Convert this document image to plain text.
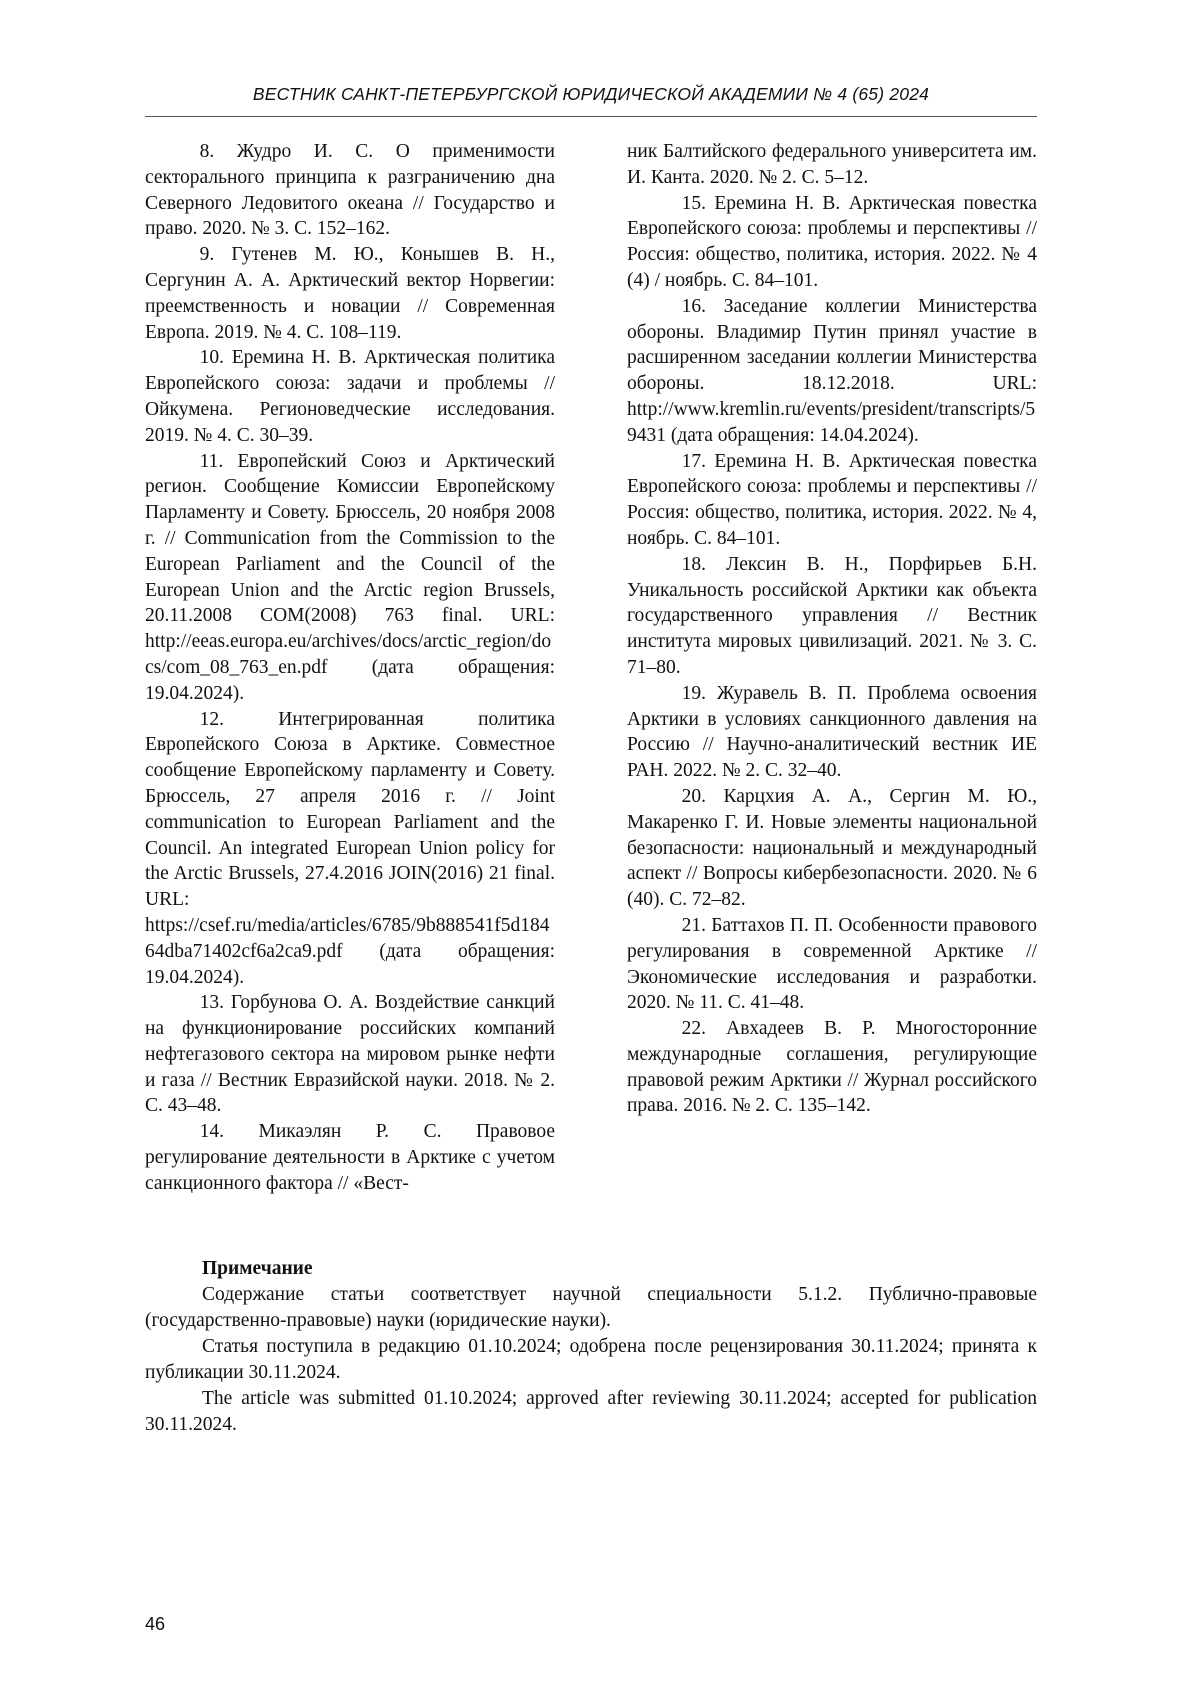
ВЕСТНИК САНКТ-ПЕТЕРБУРГСКОЙ ЮРИДИЧЕСКОЙ АКАДЕМИИ № 4 (65) 2024

8. Жудро И. С. О применимости секторального принципа к разграничению дна Северного Ледовитого океана // Государство и право. 2020. № 3. С. 152–162.

9. Гутенев М. Ю., Конышев В. Н., Сергунин А. А. Арктический вектор Норвегии: преемственность и новации // Современная Европа. 2019. № 4. С. 108–119.

10. Еремина Н. В. Арктическая политика Европейского союза: задачи и проблемы // Ойкумена. Регионоведческие исследования. 2019. № 4. С. 30–39.

11. Европейский Союз и Арктический регион. Сообщение Комиссии Европейскому Парламенту и Совету. Брюссель, 20 ноября 2008 г. // Communication from the Commission to the European Parliament and the Council of the European Union and the Arctic region Brussels, 20.11.2008 COM(2008) 763 final. URL: http://eeas.europa.eu/archives/docs/arctic_region/docs/com_08_763_en.pdf (дата обращения: 19.04.2024).

12. Интегрированная политика Европейского Союза в Арктике. Совместное сообщение Европейскому парламенту и Совету. Брюссель, 27 апреля 2016 г. // Joint communication to European Parliament and the Council. An integrated European Union policy for the Arctic Brussels, 27.4.2016 JOIN(2016) 21 final. URL: https://csef.ru/media/articles/6785/9b888541f5d18464dba71402cf6a2ca9.pdf (дата обращения: 19.04.2024).

13. Горбунова О. А. Воздействие санкций на функционирование российских компаний нефтегазового сектора на мировом рынке нефти и газа // Вестник Евразийской науки. 2018. № 2. С. 43–48.

14. Микаэлян Р. С. Правовое регулирование деятельности в Арктике с учетом санкционного фактора // «Вест-

ник Балтийского федерального университета им. И. Канта. 2020. № 2. С. 5–12.

15. Еремина Н. В. Арктическая повестка Европейского союза: проблемы и перспективы // Россия: общество, политика, история. 2022. № 4 (4) / ноябрь. С. 84–101.

16. Заседание коллегии Министерства обороны. Владимир Путин принял участие в расширенном заседании коллегии Министерства обороны. 18.12.2018. URL: http://www.kremlin.ru/events/president/transcripts/59431 (дата обращения: 14.04.2024).

17. Еремина Н. В. Арктическая повестка Европейского союза: проблемы и перспективы // Россия: общество, политика, история. 2022. № 4, ноябрь. С. 84–101.

18. Лексин В. Н., Порфирьев Б.Н. Уникальность российской Арктики как объекта государственного управления // Вестник института мировых цивилизаций. 2021. № 3. С. 71–80.

19. Журавель В. П. Проблема освоения Арктики в условиях санкционного давления на Россию // Научно-аналитический вестник ИЕ РАН. 2022. № 2. С. 32–40.

20. Карцхия А. А., Сергин М. Ю., Макаренко Г. И. Новые элементы национальной безопасности: национальный и международный аспект // Вопросы кибербезопасности. 2020. № 6 (40). С. 72–82.

21. Баттахов П. П. Особенности правового регулирования в современной Арктике // Экономические исследования и разработки. 2020. № 11. С. 41–48.

22. Авхадеев В. Р. Многосторонние международные соглашения, регулирующие правовой режим Арктики // Журнал российского права. 2016. № 2. С. 135–142.

Примечание

Содержание статьи соответствует научной специальности 5.1.2. Публично-правовые (государственно-правовые) науки (юридические науки).

Статья поступила в редакцию 01.10.2024; одобрена после рецензирования 30.11.2024; принята к публикации 30.11.2024.

The article was submitted 01.10.2024; approved after reviewing 30.11.2024; accepted for publication 30.11.2024.

46
